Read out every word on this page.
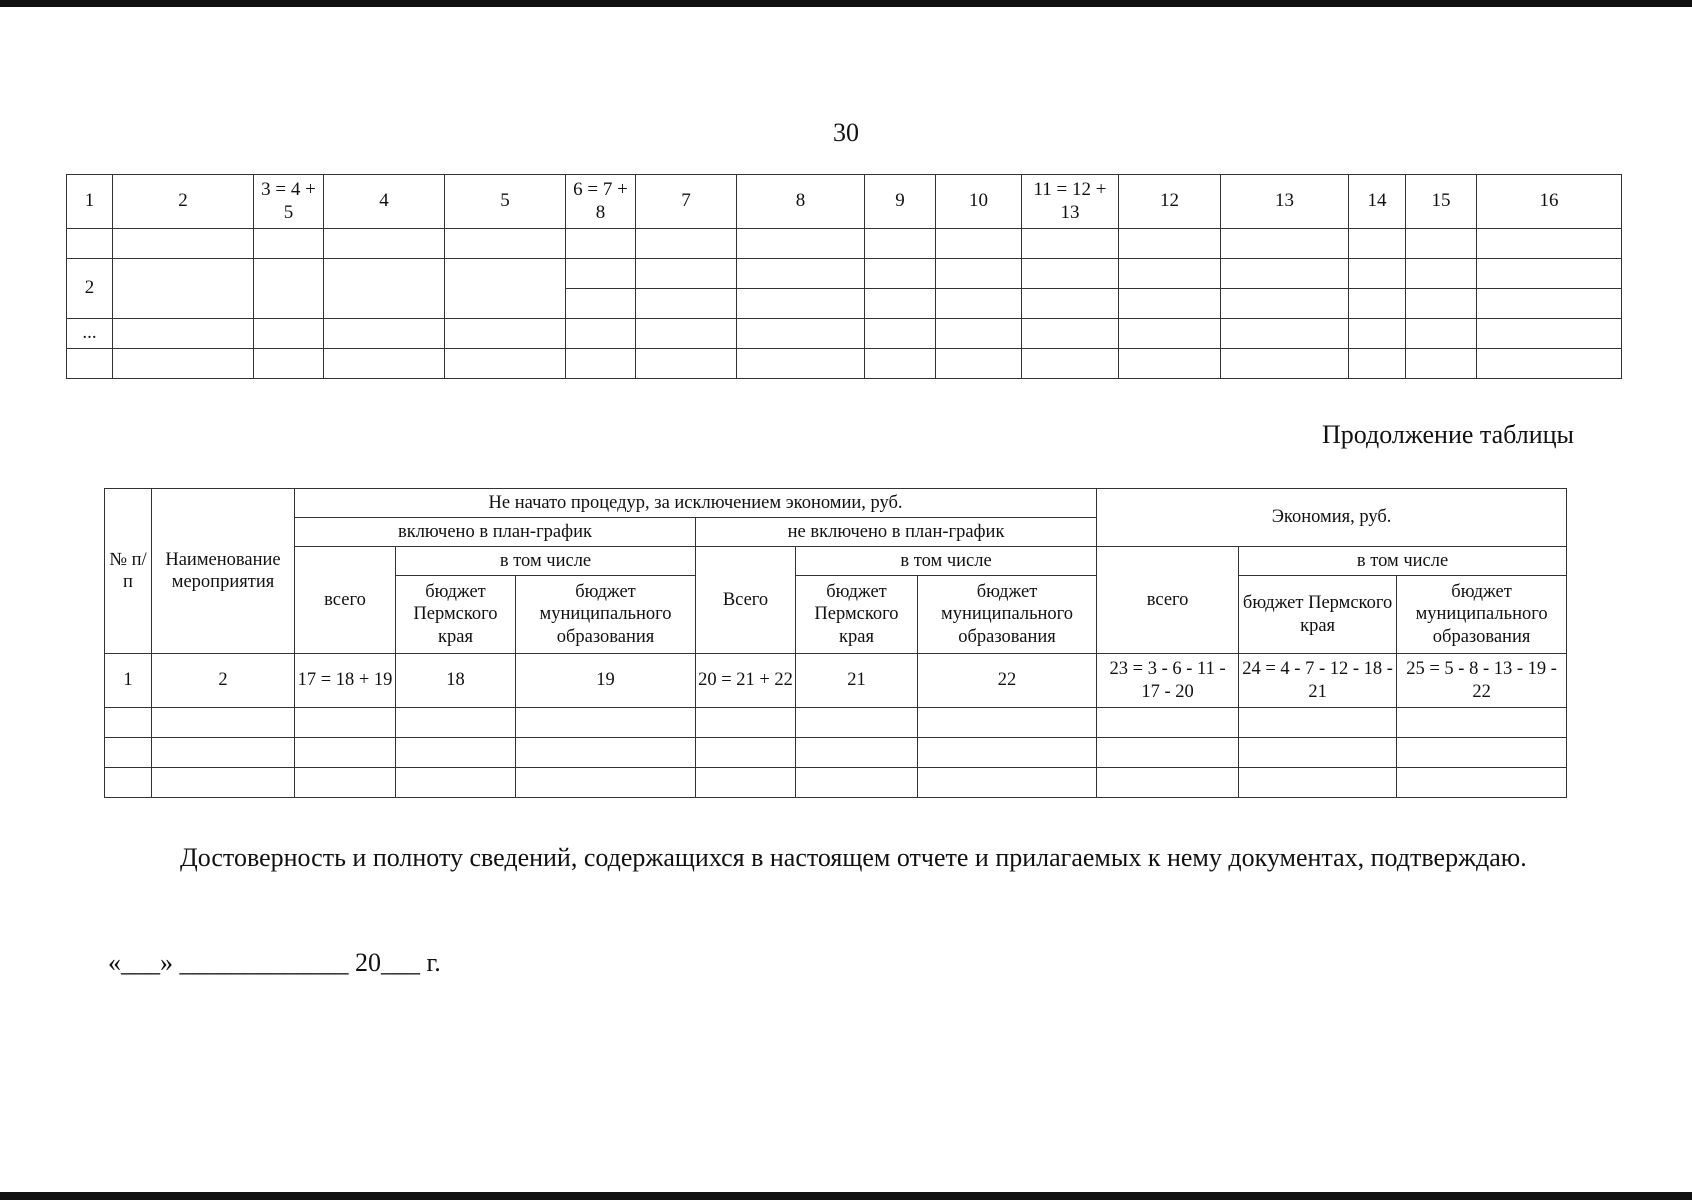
30
1	2	3 = 4 + 5	4	5	6 = 7 + 8	7	8	9	10	11 = 12 + 13	12	13	14	15	16

2															

...															

Продолжение таблицы
№ п/п	Наименование мероприятия	Не начато процедур, за исключением экономии, руб.						Экономия, руб.		
		включено в план-график			не включено в план-график					
		всего	в том числе		Всего	в том числе		всего	в том числе	
			бюджет Пермского края	бюджет муниципального образования		бюджет Пермского края	бюджет муниципального образования		бюджет Пермского края	бюджет муниципального образования
1	2	17 = 18 + 19	18	19	20 = 21 + 22	21	22	23 = 3 - 6 - 11 - 17 - 20	24 = 4 - 7 - 12 - 18 - 21	25 = 5 - 8 - 13 - 19 - 22

Достоверность и полноту сведений, содержащихся в настоящем отчете и прилагаемых к нему документах, подтверждаю.
«___» _____________ 20___ г.
